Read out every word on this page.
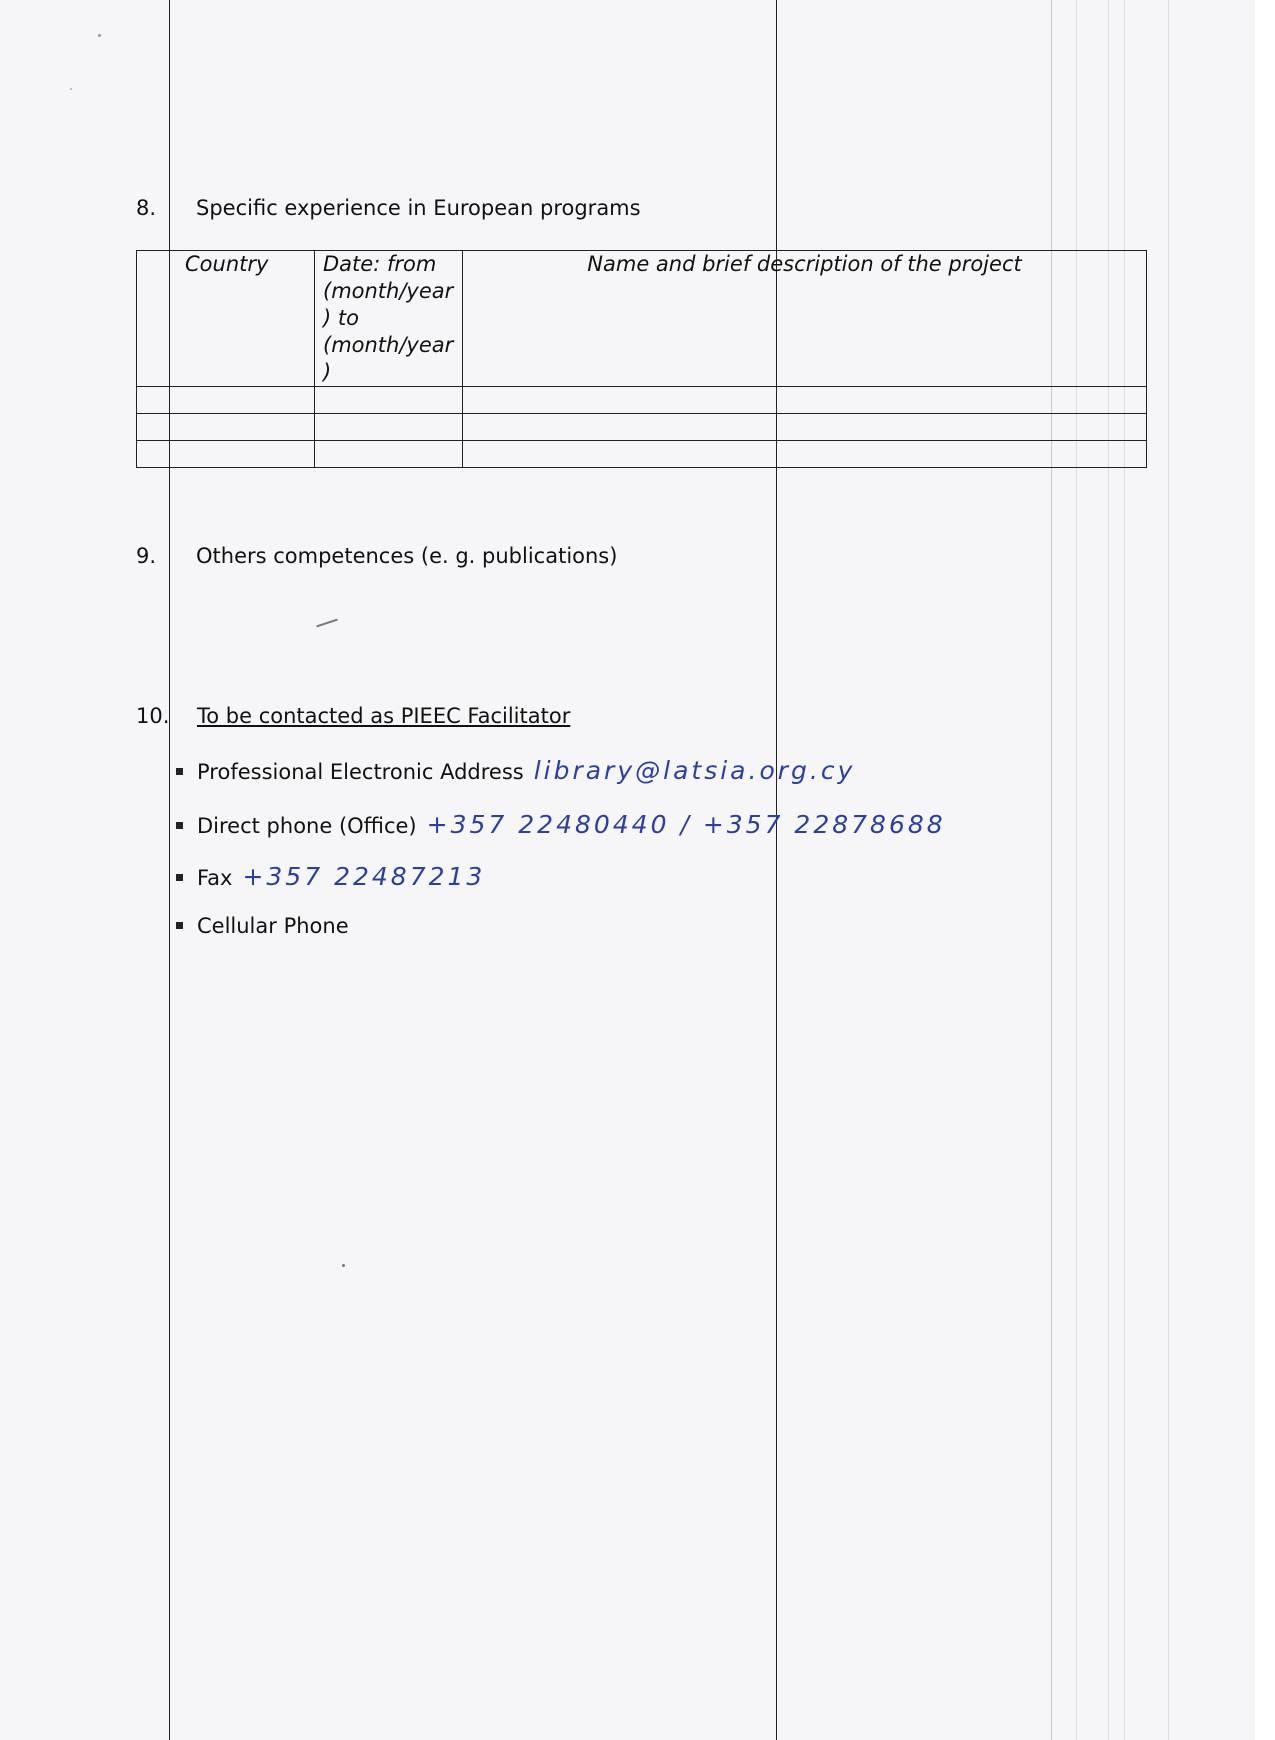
8. Specific experience in European programs
Country	Date: from
(month/year
) to
(month/year
)	Name and brief description of the project

9. Others competences (e. g. publications)
10. To be contacted as PIEEC Facilitator
Professional Electronic Address library@latsia.org.cy
Direct phone (Office) +357 22480440 / +357 22878688
Fax +357 22487213
Cellular Phone
